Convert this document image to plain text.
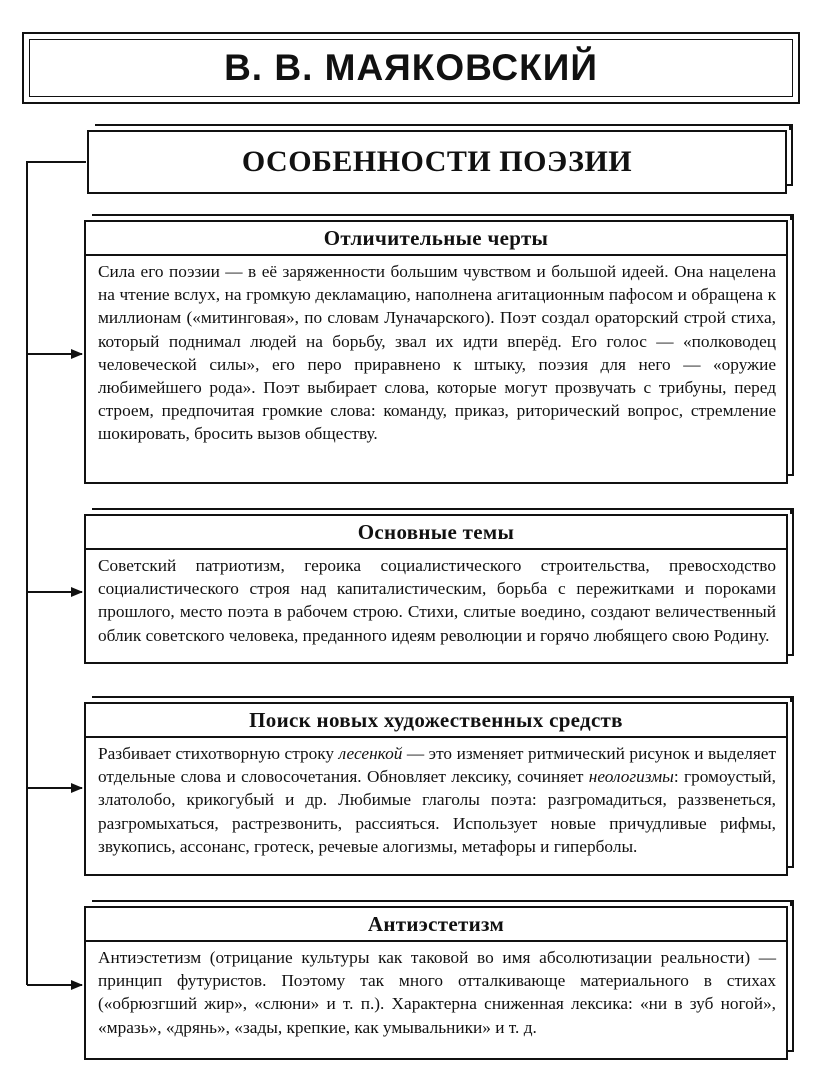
В. В. МАЯКОВСКИЙ
ОСОБЕННОСТИ ПОЭЗИИ
Отличительные черты
Сила его поэзии — в её заряженности большим чувством и большой идеей. Она нацелена на чтение вслух, на громкую декламацию, наполнена агитационным пафосом и обращена к миллионам («митинговая», по словам Луначарского). Поэт создал ораторский строй стиха, который поднимал людей на борьбу, звал их идти вперёд. Его голос — «полководец человеческой силы», его перо приравнено к штыку, поэзия для него — «оружие любимейшего рода». Поэт выбирает слова, которые могут прозвучать с трибуны, перед строем, предпочитая громкие слова: команду, приказ, риторический вопрос, стремление шокировать, бросить вызов обществу.
Основные темы
Советский патриотизм, героика социалистического строительства, превосходство социалистического строя над капиталистическим, борьба с пережитками и пороками прошлого, место поэта в рабочем строю. Стихи, слитые воедино, создают величественный облик советского человека, преданного идеям революции и горячо любящего свою Родину.
Поиск новых художественных средств
Разбивает стихотворную строку лесенкой — это изменяет ритмический рисунок и выделяет отдельные слова и словосочетания. Обновляет лексику, сочиняет неологизмы: громоустый, златолобо, крикогубый и др. Любимые глаголы поэта: разгромадиться, раззвенеться, разгромыхаться, растрезвонить, рассияться. Использует новые причудливые рифмы, звукопись, ассонанс, гротеск, речевые алогизмы, метафоры и гиперболы.
Антиэстетизм
Антиэстетизм (отрицание культуры как таковой во имя абсолютизации реальности) — принцип футуристов. Поэтому так много отталкивающе материального в стихах («обрюзгший жир», «слюни» и т. п.). Характерна сниженная лексика: «ни в зуб ногой», «мразь», «дрянь», «зады, крепкие, как умывальники» и т. д.
